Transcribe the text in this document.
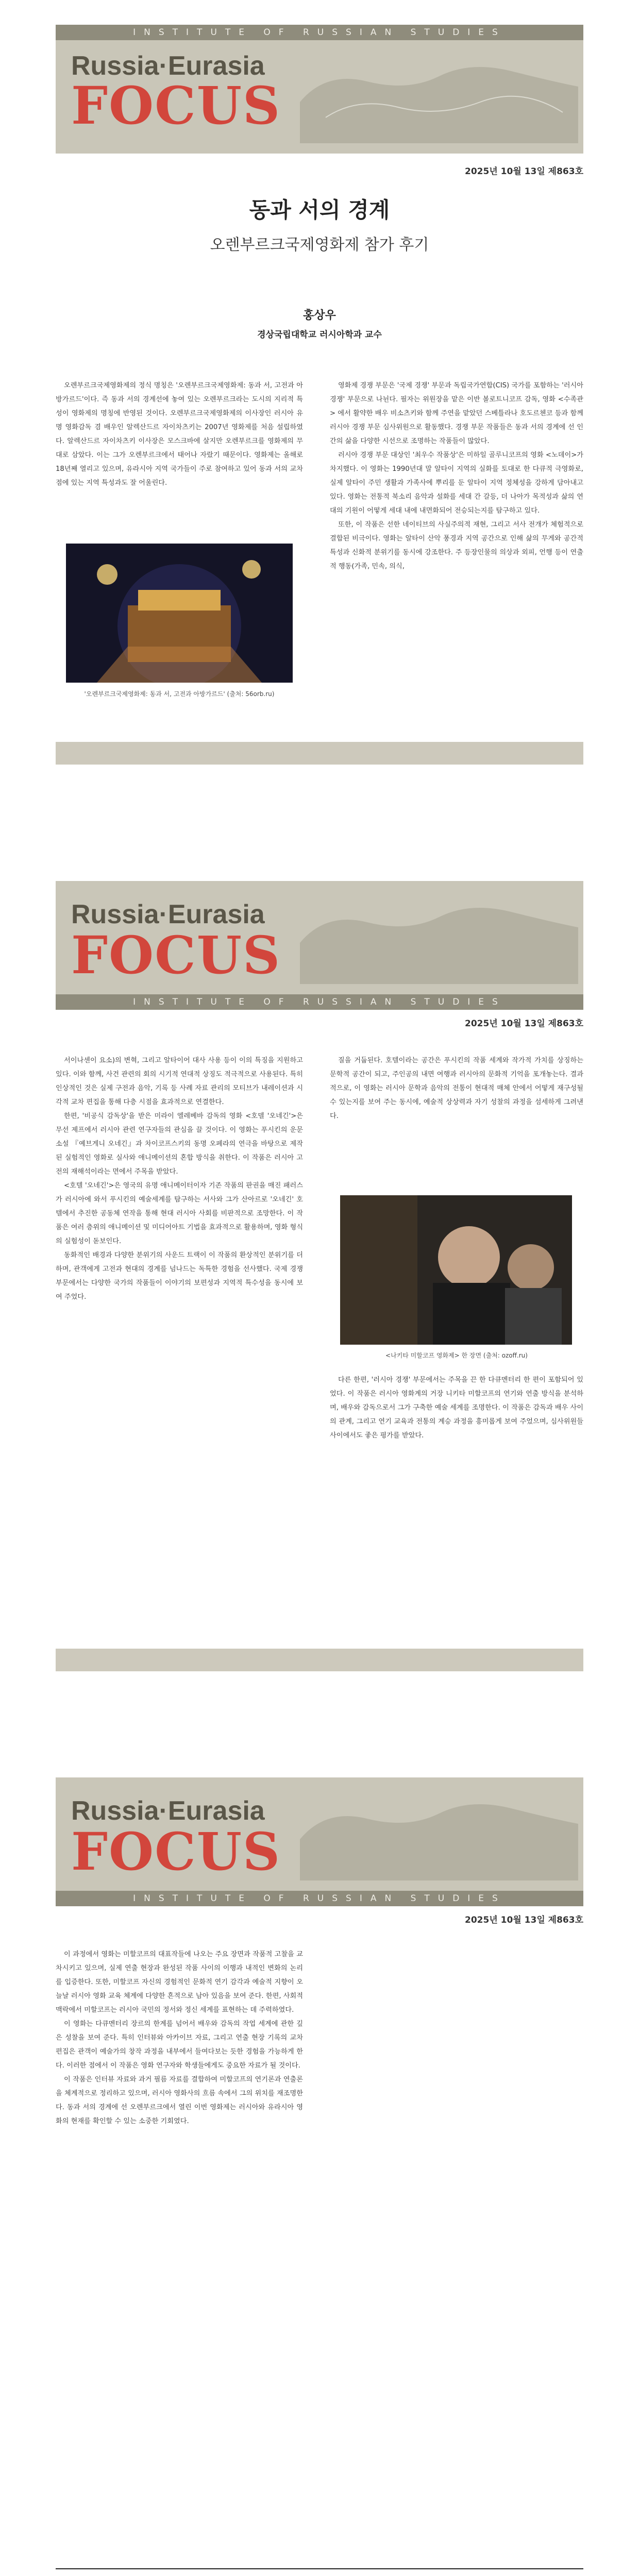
INSTITUTE OF RUSSIAN STUDIES
Russia·Eurasia
FOCUS
2025년 10월 13일 제863호
동과 서의 경계
오렌부르크국제영화제 참가 후기
홍상우
경상국립대학교 러시아학과 교수

오렌부르크국제영화제의 정식 명칭은 '오렌부르크국제영화제: 동과 서, 고전과 아방가르드'이다. 즉 동과 서의 경계선에 놓여 있는 오렌부르크라는 도시의 지리적 특성이 영화제의 명칭에 반영된 것이다. 오렌부르크국제영화제의 이사장인 러시아 유명 영화감독 겸 배우인 알렉산드르 자이차츠키는 2007년 영화제를 처음 설립하였다. 알렉산드르 자이차츠키 이사장은 모스크바에 살지만 오렌부르크를 영화제의 무대로 삼았다. 이는 그가 오렌부르크에서 태어나 자랐기 때문이다. 영화제는 올해로 18년째 열리고 있으며, 유라시아 지역 국가들이 주로 참여하고 있어 동과 서의 교차점에 있는 지역 특성과도 잘 어울린다.

'오렌부르크국제영화제: 동과 서, 고전과 아방가르드' (출처: 56orb.ru)

영화제 경쟁 부문은 '국제 경쟁' 부문과 독립국가연합(CIS) 국가를 포함하는 '러시아 경쟁' 부문으로 나뉜다. 필자는 위원장을 맡은 이반 볼로트니코프 감독, 영화 <수족관> 에서 활약한 배우 비소츠키와 함께 주연을 맡았던 스베틀라나 호도르첸코 등과 함께 러시아 경쟁 부문 심사위원으로 활동했다. 경쟁 부문 작품들은 동과 서의 경계에 선 인간의 삶을 다양한 시선으로 조명하는 작품들이 많았다.

러시아 경쟁 부문 대상인 '최우수 작품상'은 미하일 골루니코프의 영화 <노데이>가 차지했다. 이 영화는 1990년대 말 알타이 지역의 실화를 토대로 한 다큐적 극영화로, 실제 알타이 주민 생활과 가족사에 뿌리를 둔 알타이 지역 정체성을 강하게 담아내고 있다. 영화는 전통적 북소리 음악과 설화를 세대 간 갈등, 더 나아가 목적성과 삶의 연대의 기원이 어떻게 세대 내에 내면화되어 전승되는지를 탐구하고 있다.

또한, 이 작품은 선한 네이티브의 사실주의적 재현, 그리고 서사 전개가 체험적으로 결합된 비극이다. 영화는 알타이 산악 풍경과 지역 공간으로 인해 삶의 무게와 공간적 특성과 신화적 분위기를 동시에 강조한다. 주 등장인물의 의상과 외피, 언행 등이 연출적 행동(가족, 민속, 의식,

Russia·Eurasia
FOCUS
INSTITUTE OF RUSSIAN STUDIES
2025년 10월 13일 제863호

서이나센이 요소)의 변혁, 그리고 알타이어 대사 사용 등이 이의 특징을 지원하고 있다. 이와 함께, 사건 관련의 회의 시기적 연대적 상징도 적극적으로 사용된다. 특히 인상적인 것은 실제 구전과 음악, 기록 등 사례 자료 관리의 모티브가 내레이션과 시각적 교차 편집을 통해 다층 시점을 효과적으로 연결한다.

한편, '비공식 감독상'을 받은 미라이 엘레베바 감독의 영화 <호델 '오네긴'>은 무선 제프에서 러시아 관련 연구자들의 관심을 끌 것이다. 이 영화는 푸시킨의 운문 소설 『예브게니 오네긴』과 차이코프스키의 동명 오페라의 연극을 바탕으로 제작된 실험적인 영화로 실사와 애니메이션의 혼합 방식을 취한다. 이 작품은 러시아 고전의 재해석이라는 면에서 주목을 받았다.

<호텔 '오네긴'>은 영국의 유명 애니메이터이자 기존 작품의 판권을 매진 패러스가 러시아에 와서 푸시킨의 예술세계를 탐구하는 서사와 그가 산아르로 '오네긴' 호텔에서 추진한 공동체 연작을 통해 현대 러시아 사회를 비판적으로 조망한다. 이 작품은 여러 층위의 애니메이션 및 미디어아트 기법을 효과적으로 활용하며, 영화 형식의 실험성이 돋보인다.

동화적인 배경과 다양한 분위기의 사운드 트랙이 이 작품의 환상적인 분위기를 더하며, 관객에게 고전과 현대의 경계를 넘나드는 독특한 경험을 선사했다. 국제 경쟁 부문에서는 다양한 국가의 작품들이 이야기의 보편성과 지역적 특수성을 동시에 보여 주었다.

질을 거둡된다. 호텔이라는 공간은 푸시킨의 작품 세계와 작가적 가치를 상징하는 문학적 공간이 되고, 주인공의 내면 여행과 러시아의 문화적 기억을 포개놓는다. 결과적으로, 이 영화는 러시아 문학과 음악의 전통이 현대적 매체 안에서 어떻게 재구성될 수 있는지를 보여 주는 동시에, 예술적 상상력과 자기 성찰의 과정을 섬세하게 그려낸다.

<나키타 미할코프 영화제> 한 장면 (출처: ozoff.ru)

다른 한편, '러시아 경쟁' 부문에서는 주목을 끈 한 다큐멘터리 한 편이 포함되어 있었다. 이 작품은 러시아 영화계의 거장 니키타 미할코프의 연기와 연출 방식을 분석하며, 배우와 감독으로서 그가 구축한 예술 세계를 조명한다. 이 작품은 감독과 배우 사이의 관계, 그리고 연기 교육과 전통의 계승 과정을 흥미롭게 보여 주었으며, 심사위원들 사이에서도 좋은 평가를 받았다.

Russia·Eurasia
FOCUS
INSTITUTE OF RUSSIAN STUDIES
2025년 10월 13일 제863호

이 과정에서 영화는 미할코프의 대표작들에 나오는 주요 장면과 작품적 고찰을 교차시키고 있으며, 실제 연출 현장과 완성된 작품 사이의 이행과 내적인 변화의 논리를 입증한다. 또한, 미할코프 자신의 경험적인 문화적 연기 감각과 예술적 지향이 오늘날 러시아 영화 교육 체계에 다양한 흔적으로 남아 있음을 보여 준다. 한편, 사회적 맥락에서 미할코프는 러시아 국민의 정서와 정신 세계를 표현하는 데 주력하였다.

이 영화는 다큐멘터리 장르의 한계를 넘어서 배우와 감독의 작업 세계에 관한 깊은 성찰을 보여 준다. 특히 인터뷰와 아카이브 자료, 그리고 연출 현장 기록의 교차 편집은 관객이 예술가의 창작 과정을 내부에서 들여다보는 듯한 경험을 가능하게 한다. 이러한 점에서 이 작품은 영화 연구자와 학생들에게도 중요한 자료가 될 것이다.

이 작품은 인터뷰 자료와 과거 필름 자료를 결합하여 미할코프의 연기론과 연출론을 체계적으로 정리하고 있으며, 러시아 영화사의 흐름 속에서 그의 위치를 재조명한다. 동과 서의 경계에 선 오렌부르크에서 열린 이번 영화제는 러시아와 유라시아 영화의 현재를 확인할 수 있는 소중한 기회였다.
